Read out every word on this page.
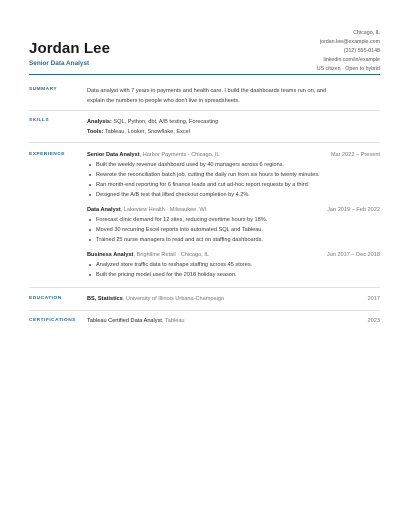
Jordan Lee
Senior Data Analyst
Chicago, IL
jordan.lee@example.com
(312) 555-0148
linkedin.com/in/example
US citizen · Open to hybrid
SUMMARY	Data analyst with 7 years in payments and health care. I build the dashboards teams run on, and
explain the numbers to people who don't live in spreadsheets.
SKILLS	Analysis: SQL, Python, dbt, A/B testing, Forecasting
Tools: Tableau, Looker, Snowflake, Excel
EXPERIENCE	Senior Data Analyst, Harbor Payments · Chicago, IL	Mar 2022 – Present
Built the weekly revenue dashboard used by 40 managers across 6 regions.
Rewrote the reconciliation batch job, cutting the daily run from six hours to twenty minutes.
Ran month-end reporting for 6 finance leads and cut ad-hoc report requests by a third.
Designed the A/B test that lifted checkout completion by 4.2%.
Data Analyst, Lakeview Health · Milwaukee, WI	Jan 2019 – Feb 2022
Forecast clinic demand for 12 sites, reducing overtime hours by 18%.
Moved 30 recurring Excel reports into automated SQL and Tableau.
Trained 25 nurse managers to read and act on staffing dashboards.
Business Analyst, Brightline Retail · Chicago, IL	Jun 2017 – Dec 2018
Analyzed store traffic data to reshape staffing across 45 stores.
Built the pricing model used for the 2018 holiday season.
EDUCATION	BS, Statistics, University of Illinois Urbana-Champaign	2017
CERTIFICATIONS Tableau Certified Data Analyst, Tableau	2023
